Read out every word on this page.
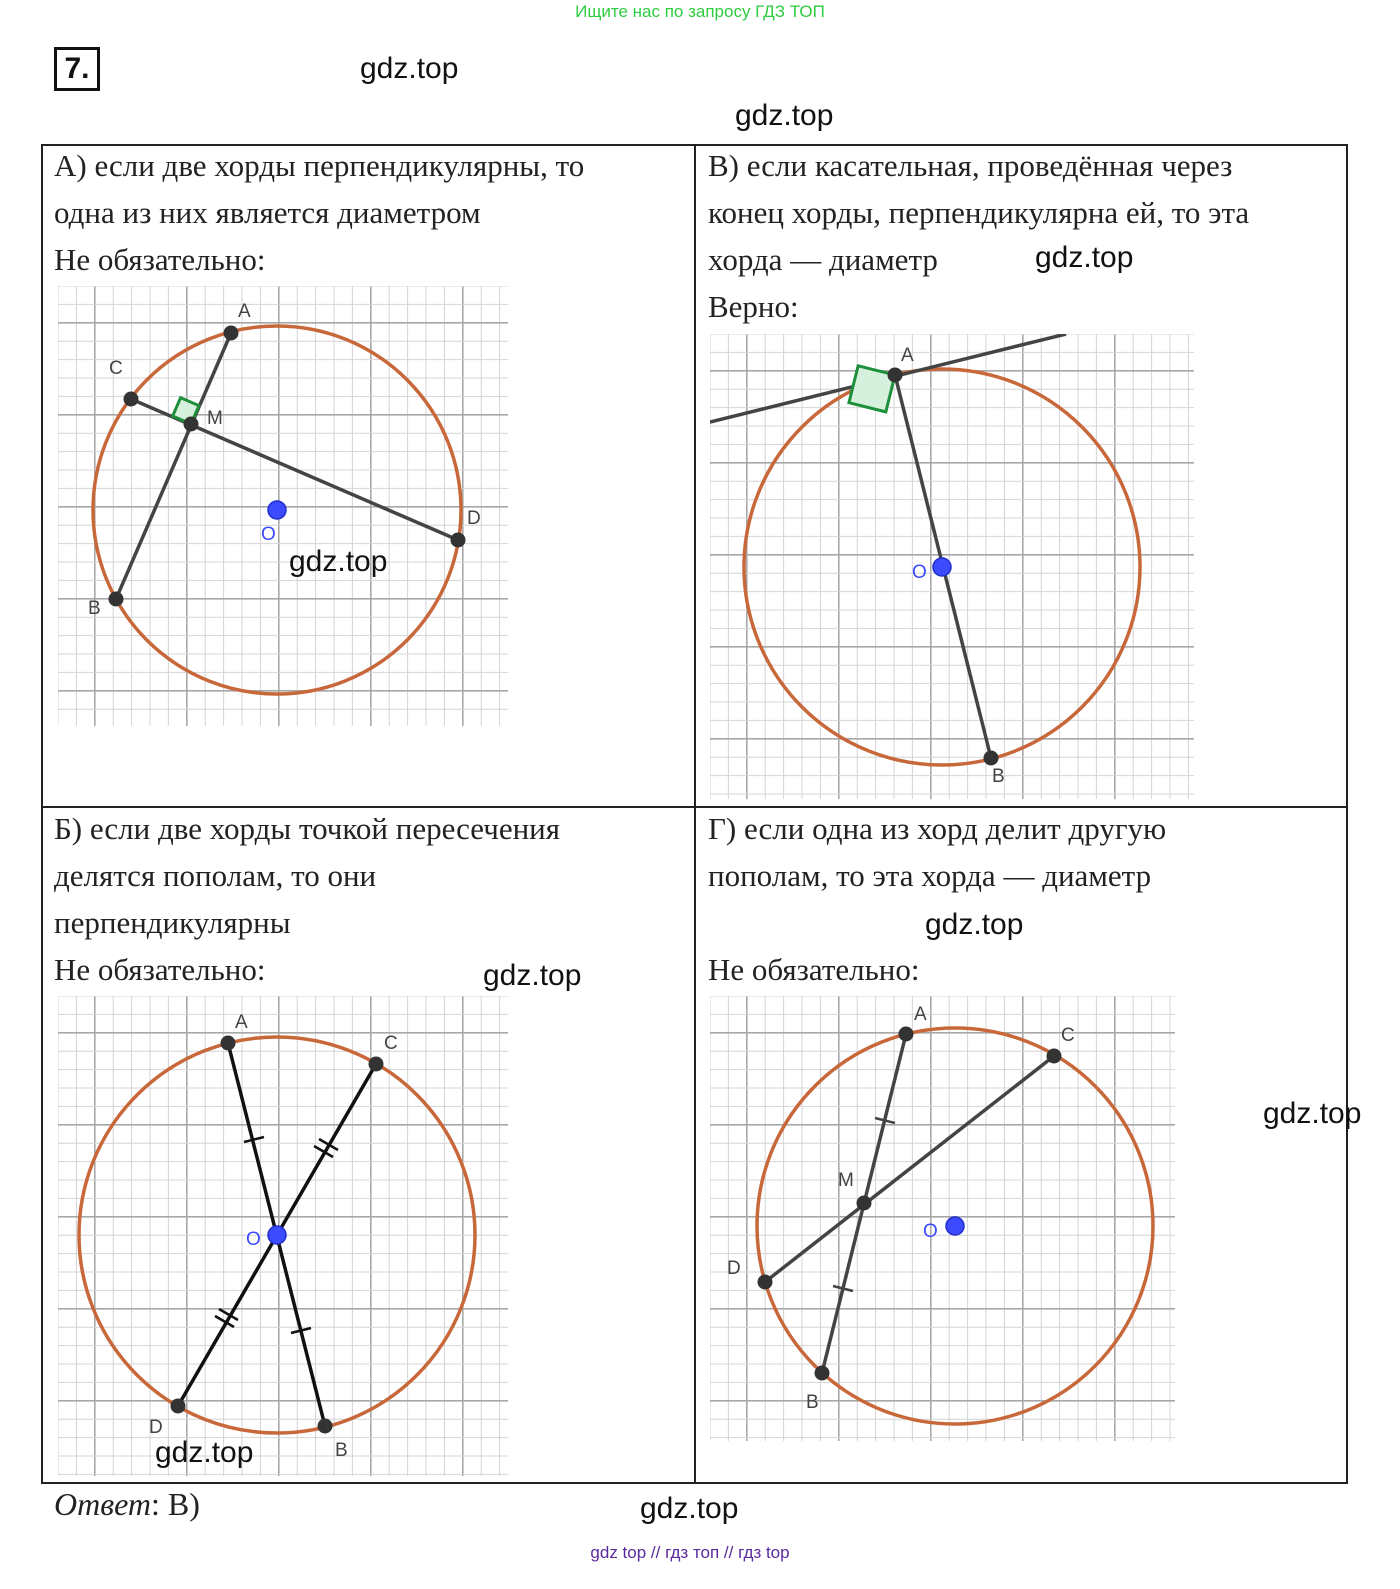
Ищите нас по запросу ГДЗ ТОП
7.	gdz.top
gdz.top
А) если две хорды перпендикулярны, то
одна из них является диаметром
Не обязательно:
A
C
M
O
D
B
gdz.top
В) если касательная, проведённая через
конец хорды, перпендикулярна ей, то эта
хорда — диаметр
Верно:
gdz.top
A
O
B
Б) если две хорды точкой пересечения
делятся пополам, то они
перпендикулярны
Не обязательно:	gdz.top
A
C
O
D
B
gdz.top
Г) если одна из хорд делит другую
пополам, то эта хорда — диаметр
gdz.top
Не обязательно:
A
C
M
O
D
B
gdz.top
Ответ: В)	gdz.top
gdz top // гдз топ // гдз top
